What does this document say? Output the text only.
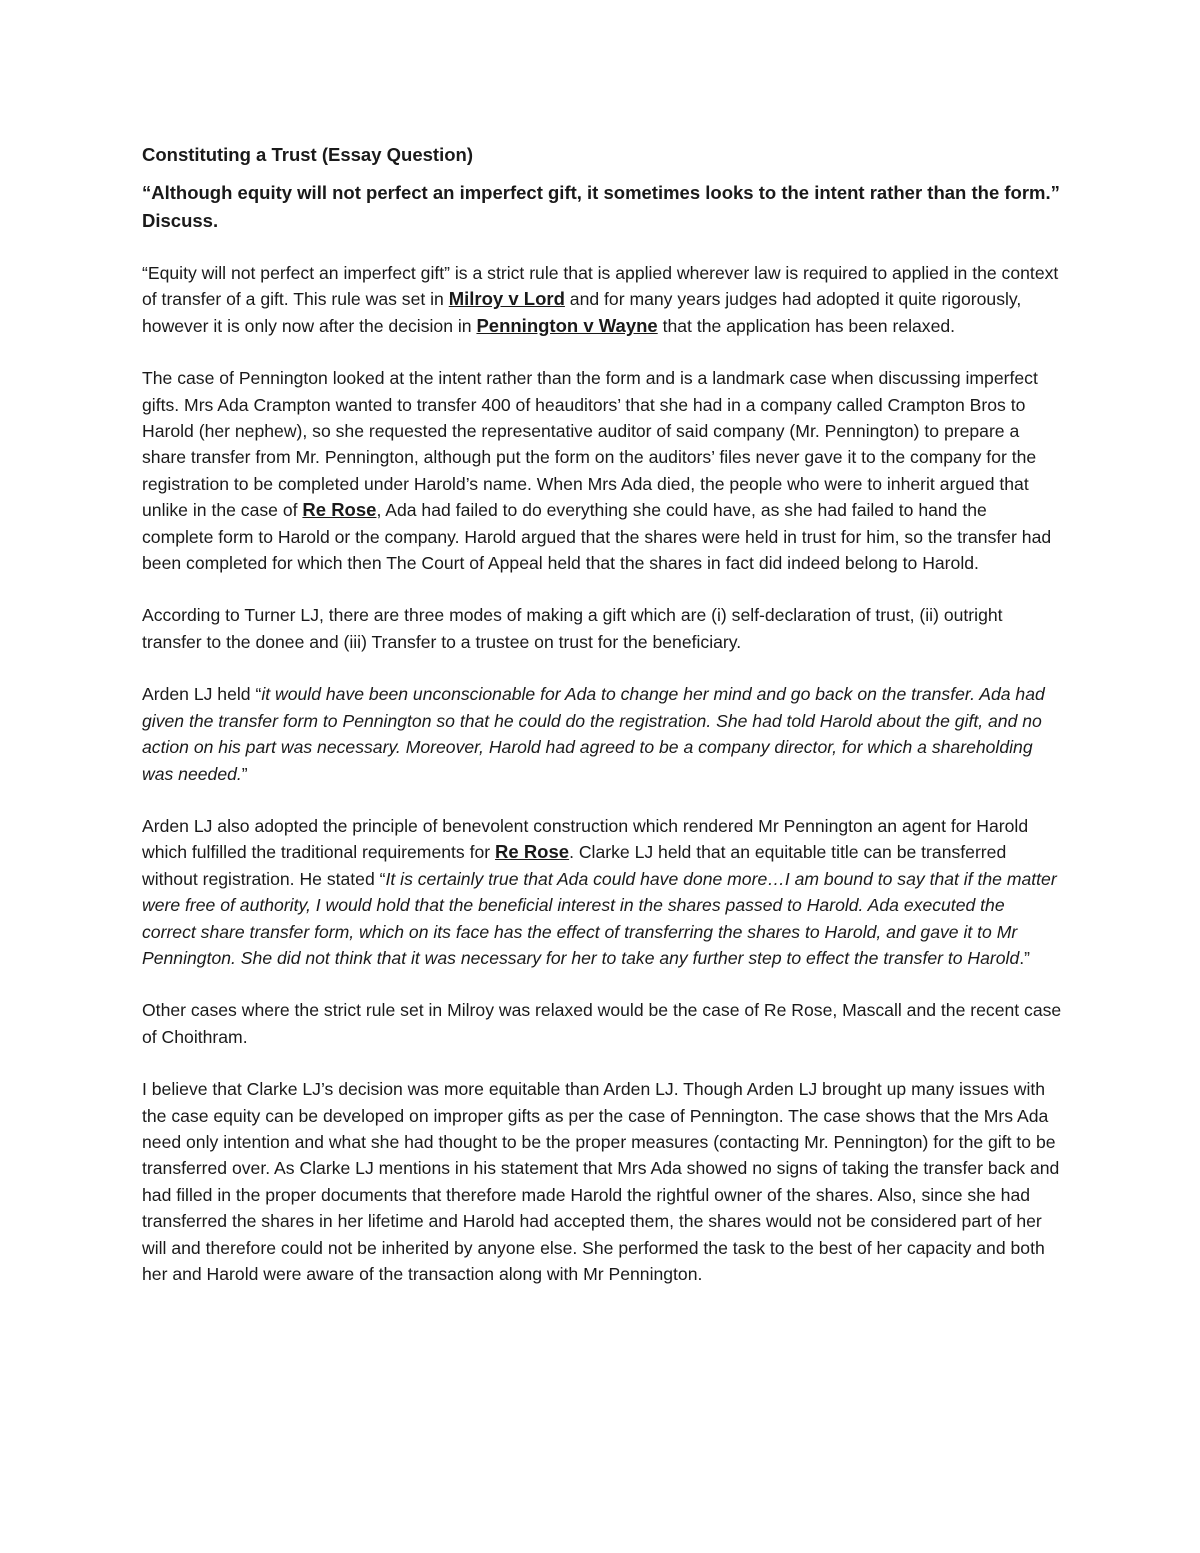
Constituting a Trust (Essay Question)

“Although equity will not perfect an imperfect gift, it sometimes looks to the intent rather than the form.” Discuss.

“Equity will not perfect an imperfect gift” is a strict rule that is applied wherever law is required to applied in the context of transfer of a gift. This rule was set in Milroy v Lord and for many years judges had adopted it quite rigorously, however it is only now after the decision in Pennington v Wayne that the application has been relaxed.

The case of Pennington looked at the intent rather than the form and is a landmark case when discussing imperfect gifts. Mrs Ada Crampton wanted to transfer 400 of heauditors’ that she had in a company called Crampton Bros to Harold (her nephew), so she requested the representative auditor of said company (Mr. Pennington) to prepare a share transfer from Mr. Pennington, although put the form on the auditors’ files never gave it to the company for the registration to be completed under Harold’s name. When Mrs Ada died, the people who were to inherit argued that unlike in the case of Re Rose, Ada had failed to do everything she could have, as she had failed to hand the complete form to Harold or the company. Harold argued that the shares were held in trust for him, so the transfer had been completed for which then The Court of Appeal held that the shares in fact did indeed belong to Harold.

According to Turner LJ, there are three modes of making a gift which are (i) self-declaration of trust, (ii) outright transfer to the donee and (iii) Transfer to a trustee on trust for the beneficiary.

Arden LJ held “it would have been unconscionable for Ada to change her mind and go back on the transfer. Ada had given the transfer form to Pennington so that he could do the registration. She had told Harold about the gift, and no action on his part was necessary. Moreover, Harold had agreed to be a company director, for which a shareholding was needed.”

Arden LJ also adopted the principle of benevolent construction which rendered Mr Pennington an agent for Harold which fulfilled the traditional requirements for Re Rose. Clarke LJ held that an equitable title can be transferred without registration. He stated “It is certainly true that Ada could have done more…I am bound to say that if the matter were free of authority, I would hold that the beneficial interest in the shares passed to Harold. Ada executed the correct share transfer form, which on its face has the effect of transferring the shares to Harold, and gave it to Mr Pennington. She did not think that it was necessary for her to take any further step to effect the transfer to Harold.”

Other cases where the strict rule set in Milroy was relaxed would be the case of Re Rose, Mascall and the recent case of Choithram.

I believe that Clarke LJ’s decision was more equitable than Arden LJ. Though Arden LJ brought up many issues with the case equity can be developed on improper gifts as per the case of Pennington. The case shows that the Mrs Ada need only intention and what she had thought to be the proper measures (contacting Mr. Pennington) for the gift to be transferred over. As Clarke LJ mentions in his statement that Mrs Ada showed no signs of taking the transfer back and had filled in the proper documents that therefore made Harold the rightful owner of the shares. Also, since she had transferred the shares in her lifetime and Harold had accepted them, the shares would not be considered part of her will and therefore could not be inherited by anyone else. She performed the task to the best of her capacity and both her and Harold were aware of the transaction along with Mr Pennington.
